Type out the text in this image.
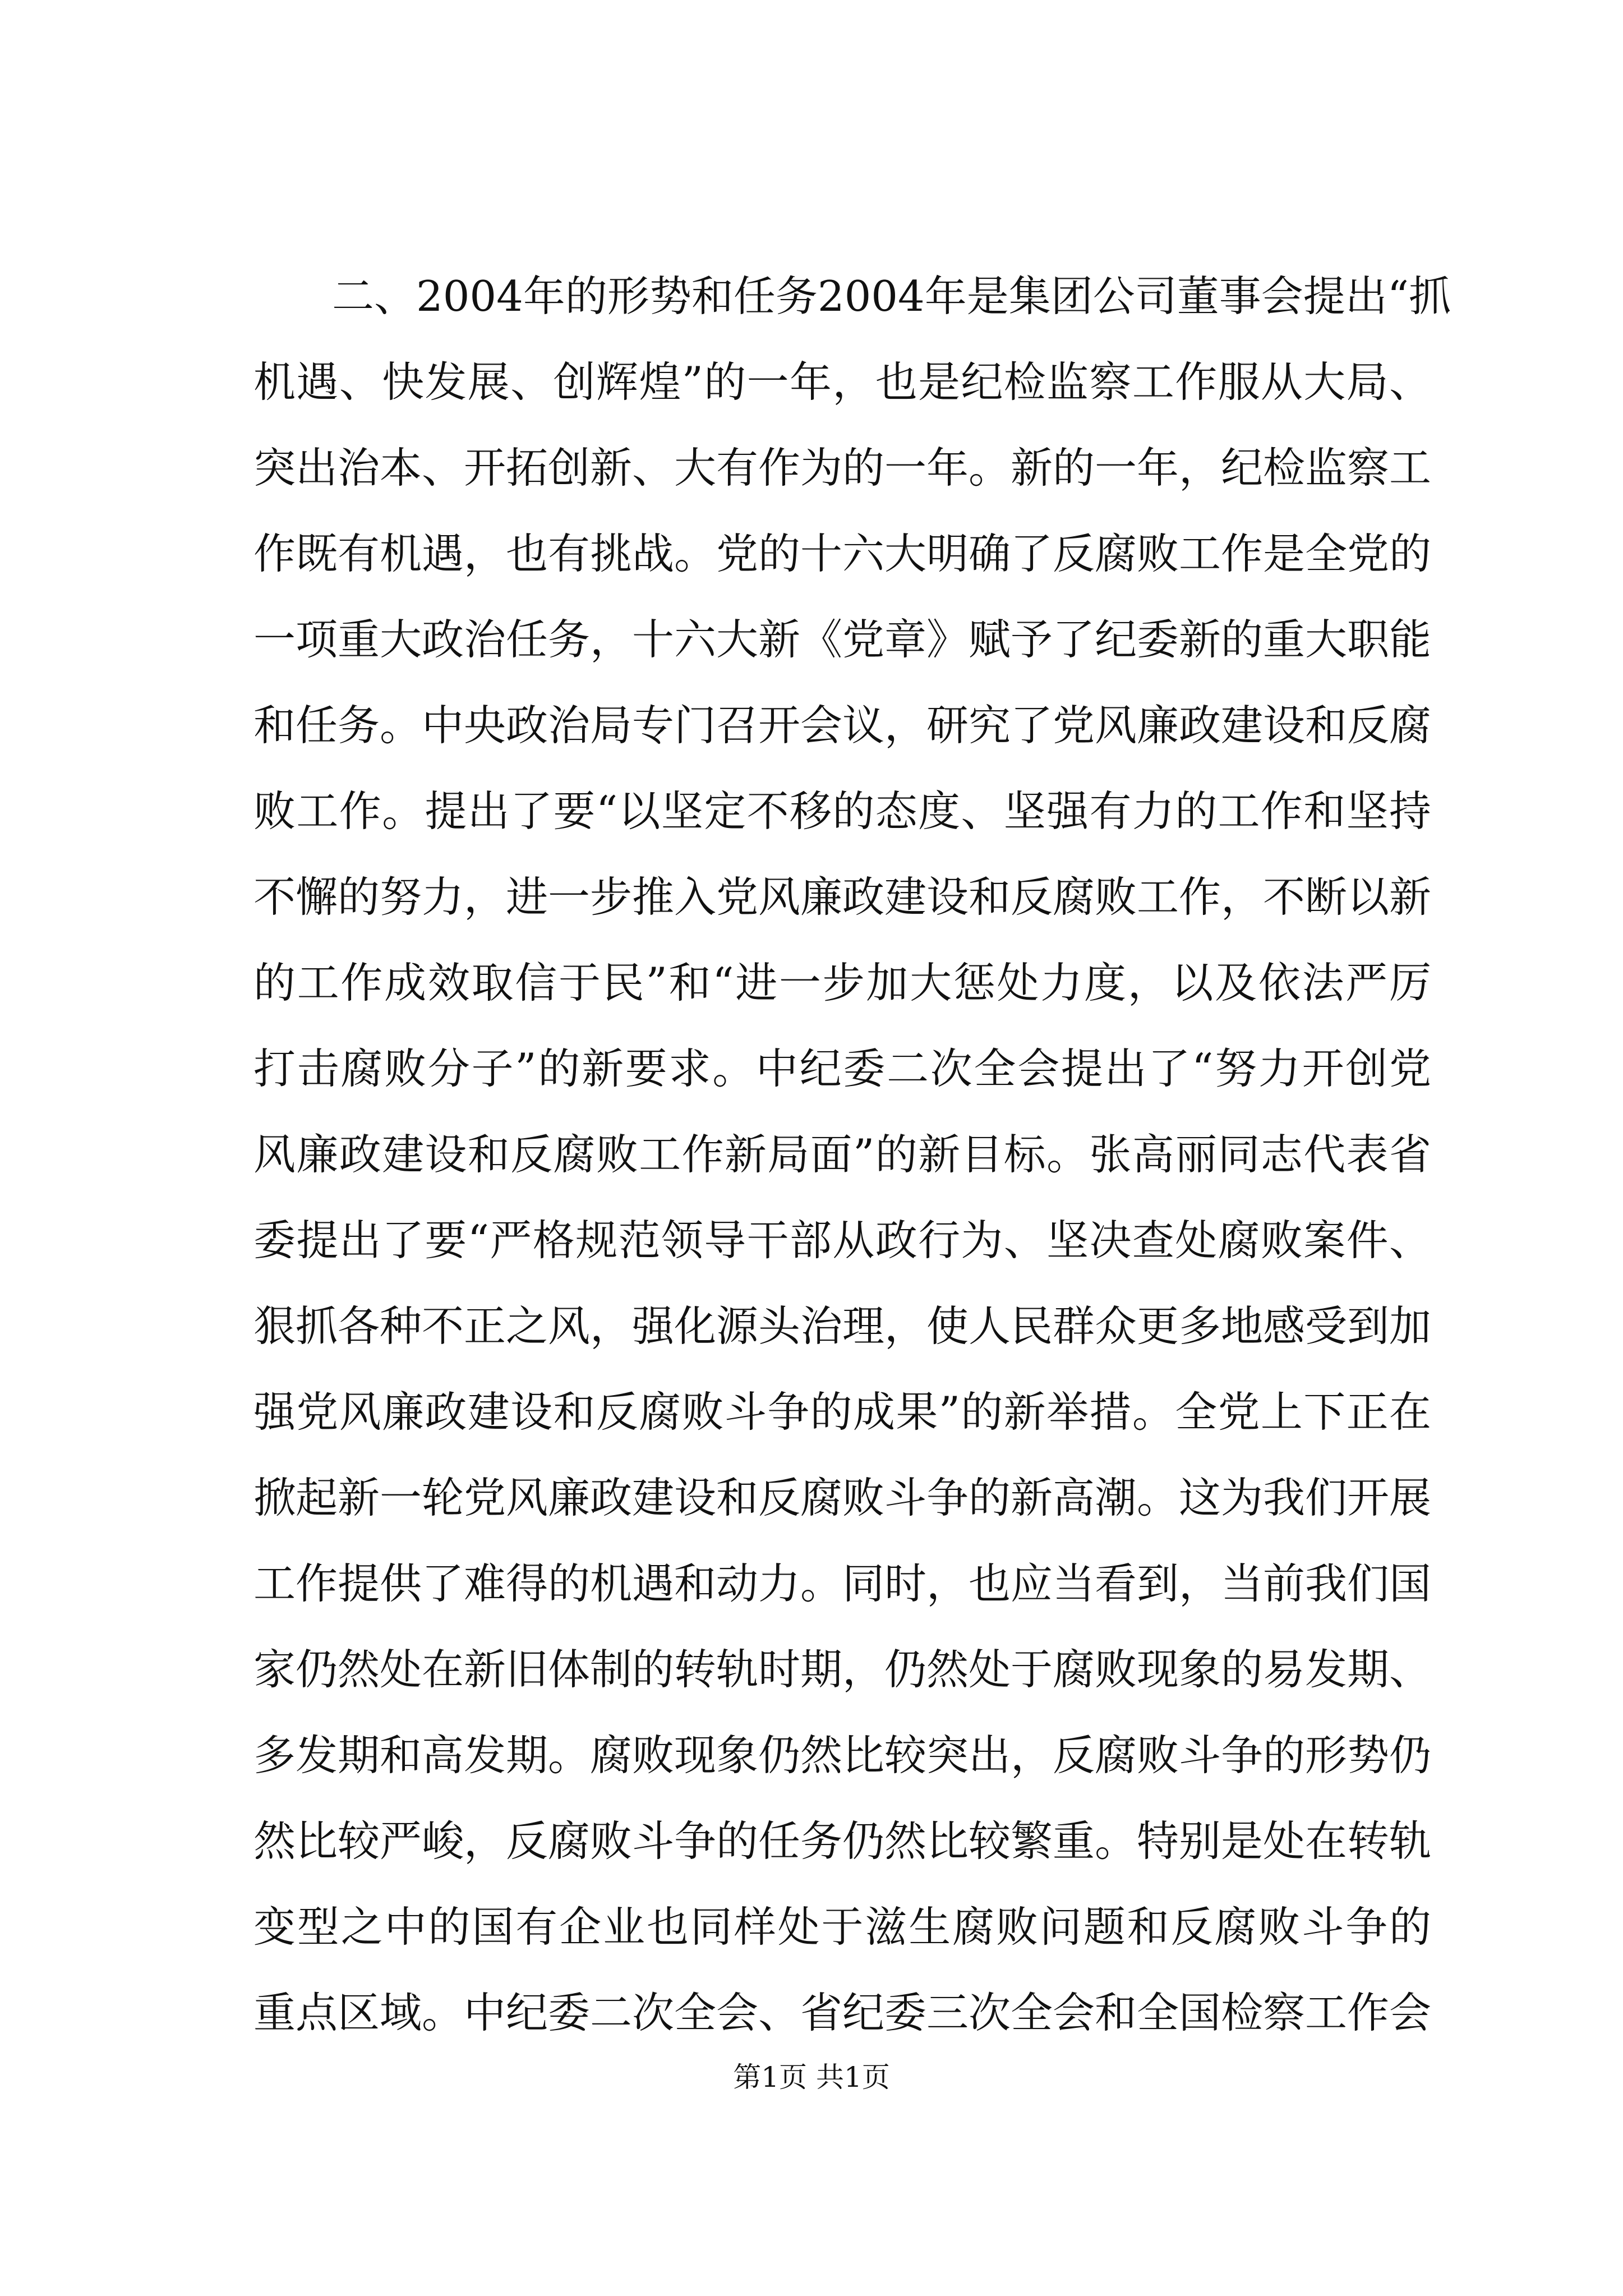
二、2004年的形势和任务2004年是集团公司董事会提出“抓
机遇、快发展、创辉煌”的一年，也是纪检监察工作服从大局、
突出治本、开拓创新、大有作为的一年。新的一年，纪检监察工
作既有机遇，也有挑战。党的十六大明确了反腐败工作是全党的
一项重大政治任务，十六大新《党章》赋予了纪委新的重大职能
和任务。中央政治局专门召开会议，研究了党风廉政建设和反腐
败工作。提出了要“以坚定不移的态度、坚强有力的工作和坚持
不懈的努力，进一步推入党风廉政建设和反腐败工作，不断以新
的工作成效取信于民”和“进一步加大惩处力度，以及依法严厉
打击腐败分子”的新要求。中纪委二次全会提出了“努力开创党
风廉政建设和反腐败工作新局面”的新目标。张高丽同志代表省
委提出了要“严格规范领导干部从政行为、坚决查处腐败案件、
狠抓各种不正之风，强化源头治理，使人民群众更多地感受到加
强党风廉政建设和反腐败斗争的成果”的新举措。全党上下正在
掀起新一轮党风廉政建设和反腐败斗争的新高潮。这为我们开展
工作提供了难得的机遇和动力。同时，也应当看到，当前我们国
家仍然处在新旧体制的转轨时期，仍然处于腐败现象的易发期、
多发期和高发期。腐败现象仍然比较突出，反腐败斗争的形势仍
然比较严峻，反腐败斗争的任务仍然比较繁重。特别是处在转轨
变型之中的国有企业也同样处于滋生腐败问题和反腐败斗争的
重点区域。中纪委二次全会、省纪委三次全会和全国检察工作会
第1页 共1页
